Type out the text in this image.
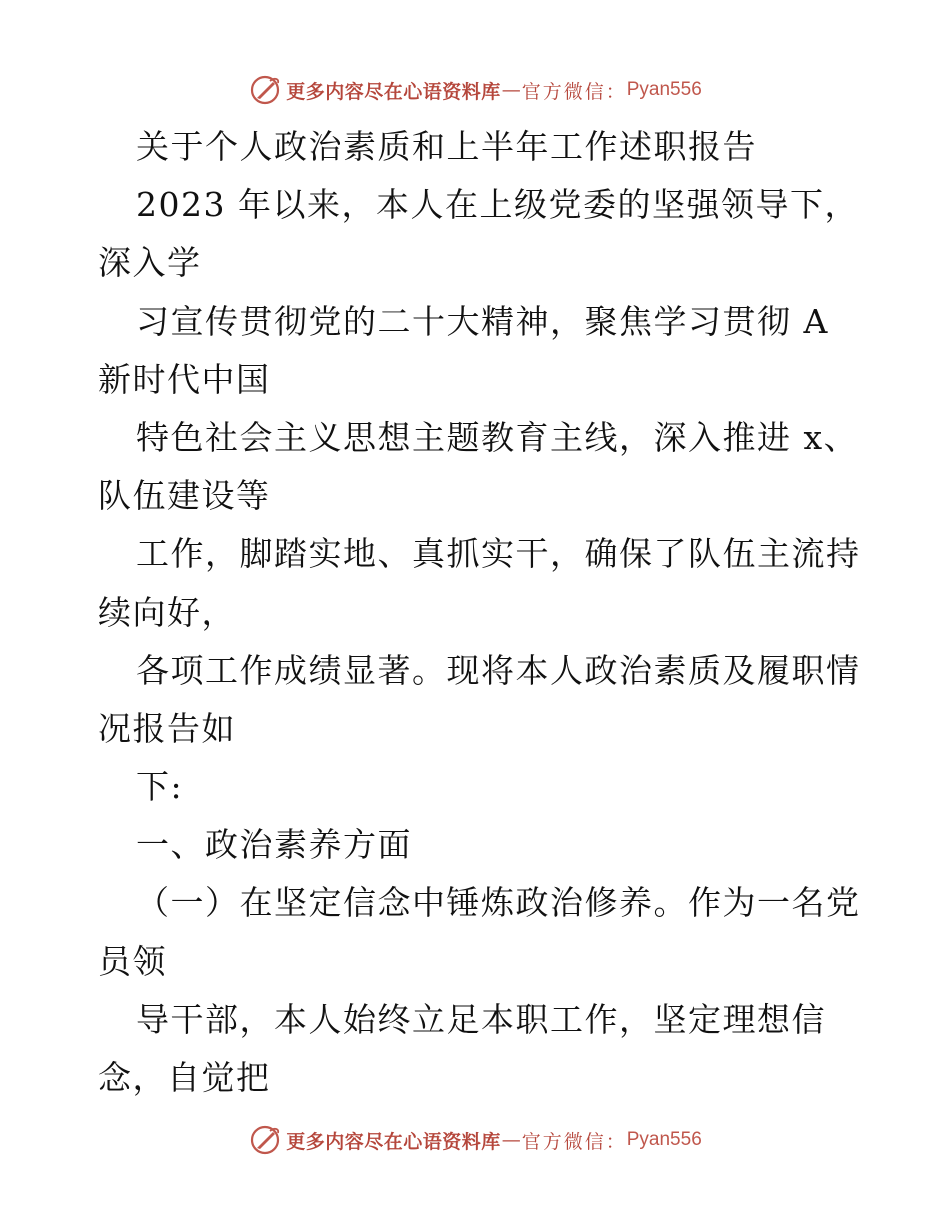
更多内容尽在心语资料库 — 官方微信： Pyan556
关于个人政治素质和上半年工作述职报告
2023 年以来，本人在上级党委的坚强领导下，
深入学
习宣传贯彻党的二十大精神，聚焦学习贯彻 A
新时代中国
特色社会主义思想主题教育主线，深入推进 x、
队伍建设等
工作，脚踏实地、真抓实干，确保了队伍主流持
续向好，
各项工作成绩显著。现将本人政治素质及履职情
况报告如
下:
一、政治素养方面
（一）在坚定信念中锤炼政治修养。作为一名党
员领
导干部，本人始终立足本职工作，坚定理想信
念，自觉把
更多内容尽在心语资料库 — 官方微信： Pyan556
